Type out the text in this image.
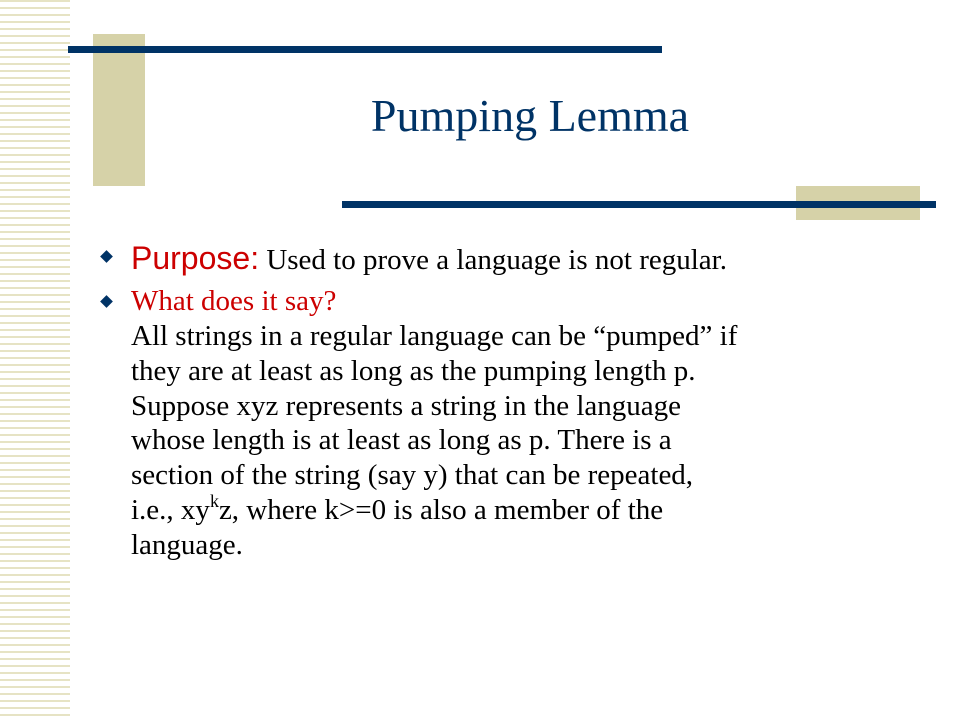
Pumping Lemma
Purpose: Used to prove a language is not regular.
What does it say?
All strings in a regular language can be “pumped” if
they are at least as long as the pumping length p.
Suppose xyz represents a string in the language
whose length is at least as long as p. There is a
section of the string (say y) that can be repeated,
i.e., $xy^kz$, where k>=0 is also a member of the
language.
